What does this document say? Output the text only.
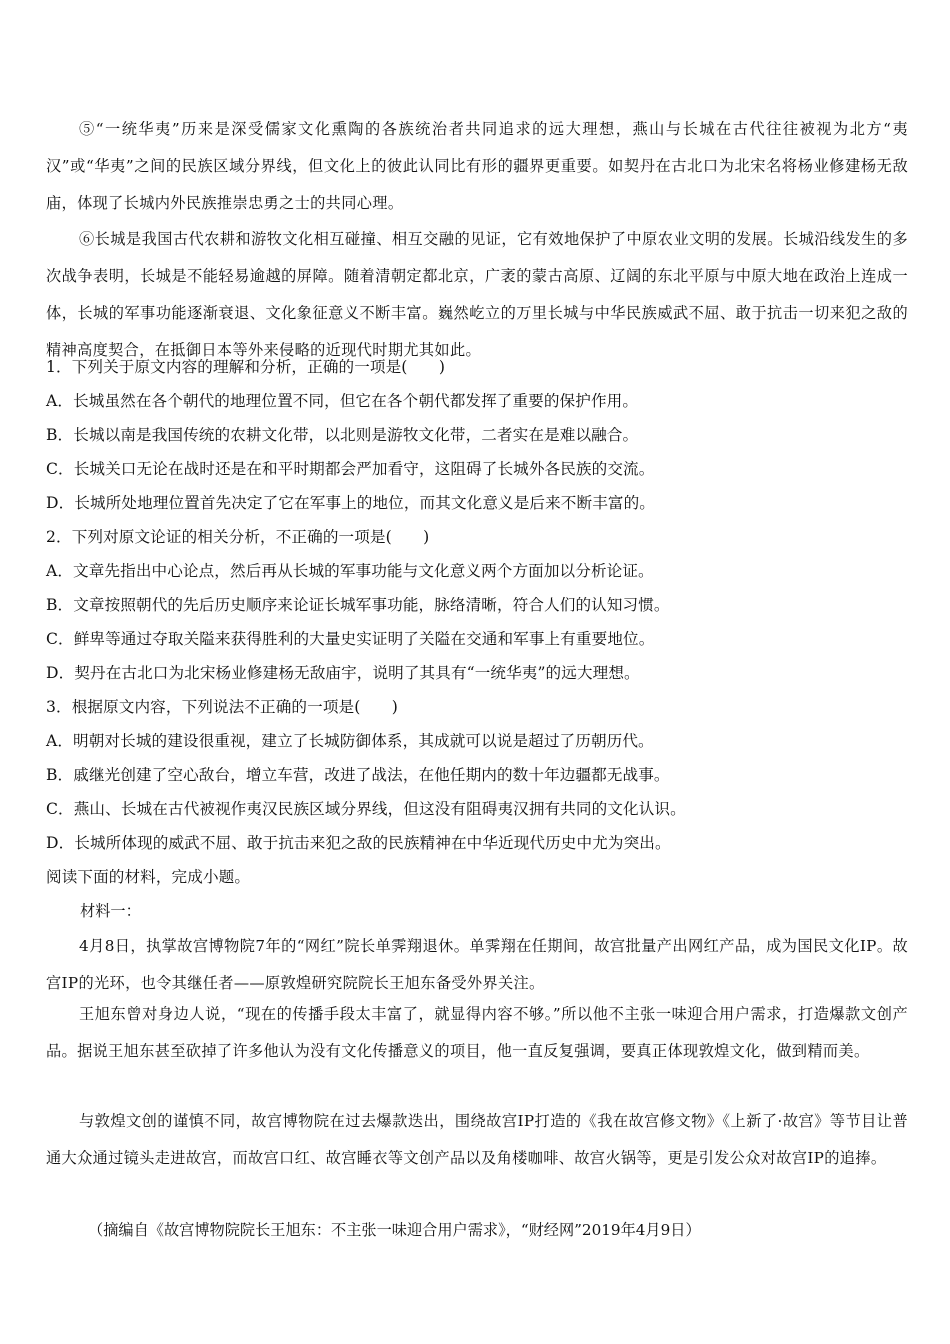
⑤“一统华夷”历来是深受儒家文化熏陶的各族统治者共同追求的远大理想，燕山与长城在古代往往被视为北方“夷汉”或“华夷”之间的民族区域分界线，但文化上的彼此认同比有形的疆界更重要。如契丹在古北口为北宋名将杨业修建杨无敌庙，体现了长城内外民族推崇忠勇之士的共同心理。

⑥长城是我国古代农耕和游牧文化相互碰撞、相互交融的见证，它有效地保护了中原农业文明的发展。长城沿线发生的多次战争表明，长城是不能轻易逾越的屏障。随着清朝定都北京，广袤的蒙古高原、辽阔的东北平原与中原大地在政治上连成一体，长城的军事功能逐渐衰退、文化象征意义不断丰富。巍然屹立的万里长城与中华民族威武不屈、敢于抗击一切来犯之敌的精神高度契合，在抵御日本等外来侵略的近现代时期尤其如此。

1．下列关于原文内容的理解和分析，正确的一项是(　　)

A．长城虽然在各个朝代的地理位置不同，但它在各个朝代都发挥了重要的保护作用。

B．长城以南是我国传统的农耕文化带，以北则是游牧文化带，二者实在是难以融合。

C．长城关口无论在战时还是在和平时期都会严加看守，这阻碍了长城外各民族的交流。

D．长城所处地理位置首先决定了它在军事上的地位，而其文化意义是后来不断丰富的。

2．下列对原文论证的相关分析，不正确的一项是(　　)

A．文章先指出中心论点，然后再从长城的军事功能与文化意义两个方面加以分析论证。

B．文章按照朝代的先后历史顺序来论证长城军事功能，脉络清晰，符合人们的认知习惯。

C．鲜卑等通过夺取关隘来获得胜利的大量史实证明了关隘在交通和军事上有重要地位。

D．契丹在古北口为北宋杨业修建杨无敌庙宇，说明了其具有“一统华夷”的远大理想。

3．根据原文内容，下列说法不正确的一项是(　　)

A．明朝对长城的建设很重视，建立了长城防御体系，其成就可以说是超过了历朝历代。

B．戚继光创建了空心敌台，增立车营，改进了战法，在他任期内的数十年边疆都无战事。

C．燕山、长城在古代被视作夷汉民族区域分界线，但这没有阻碍夷汉拥有共同的文化认识。

D．长城所体现的威武不屈、敢于抗击来犯之敌的民族精神在中华近现代历史中尤为突出。

阅读下面的材料，完成小题。

材料一：

4月8日，执掌故宫博物院7年的“网红”院长单霁翔退休。单霁翔在任期间，故宫批量产出网红产品，成为国民文化IP。故宫IP的光环，也令其继任者——原敦煌研究院院长王旭东备受外界关注。

王旭东曾对身边人说，“现在的传播手段太丰富了，就显得内容不够。”所以他不主张一味迎合用户需求，打造爆款文创产品。据说王旭东甚至砍掉了许多他认为没有文化传播意义的项目，他一直反复强调，要真正体现敦煌文化，做到精而美。

与敦煌文创的谨慎不同，故宫博物院在过去爆款迭出，围绕故宫IP打造的《我在故宫修文物》《上新了·故宫》等节目让普通大众通过镜头走进故宫，而故宫口红、故宫睡衣等文创产品以及角楼咖啡、故宫火锅等，更是引发公众对故宫IP的追捧。

（摘编自《故宫博物院院长王旭东：不主张一味迎合用户需求》，“财经网”2019年4月9日）
